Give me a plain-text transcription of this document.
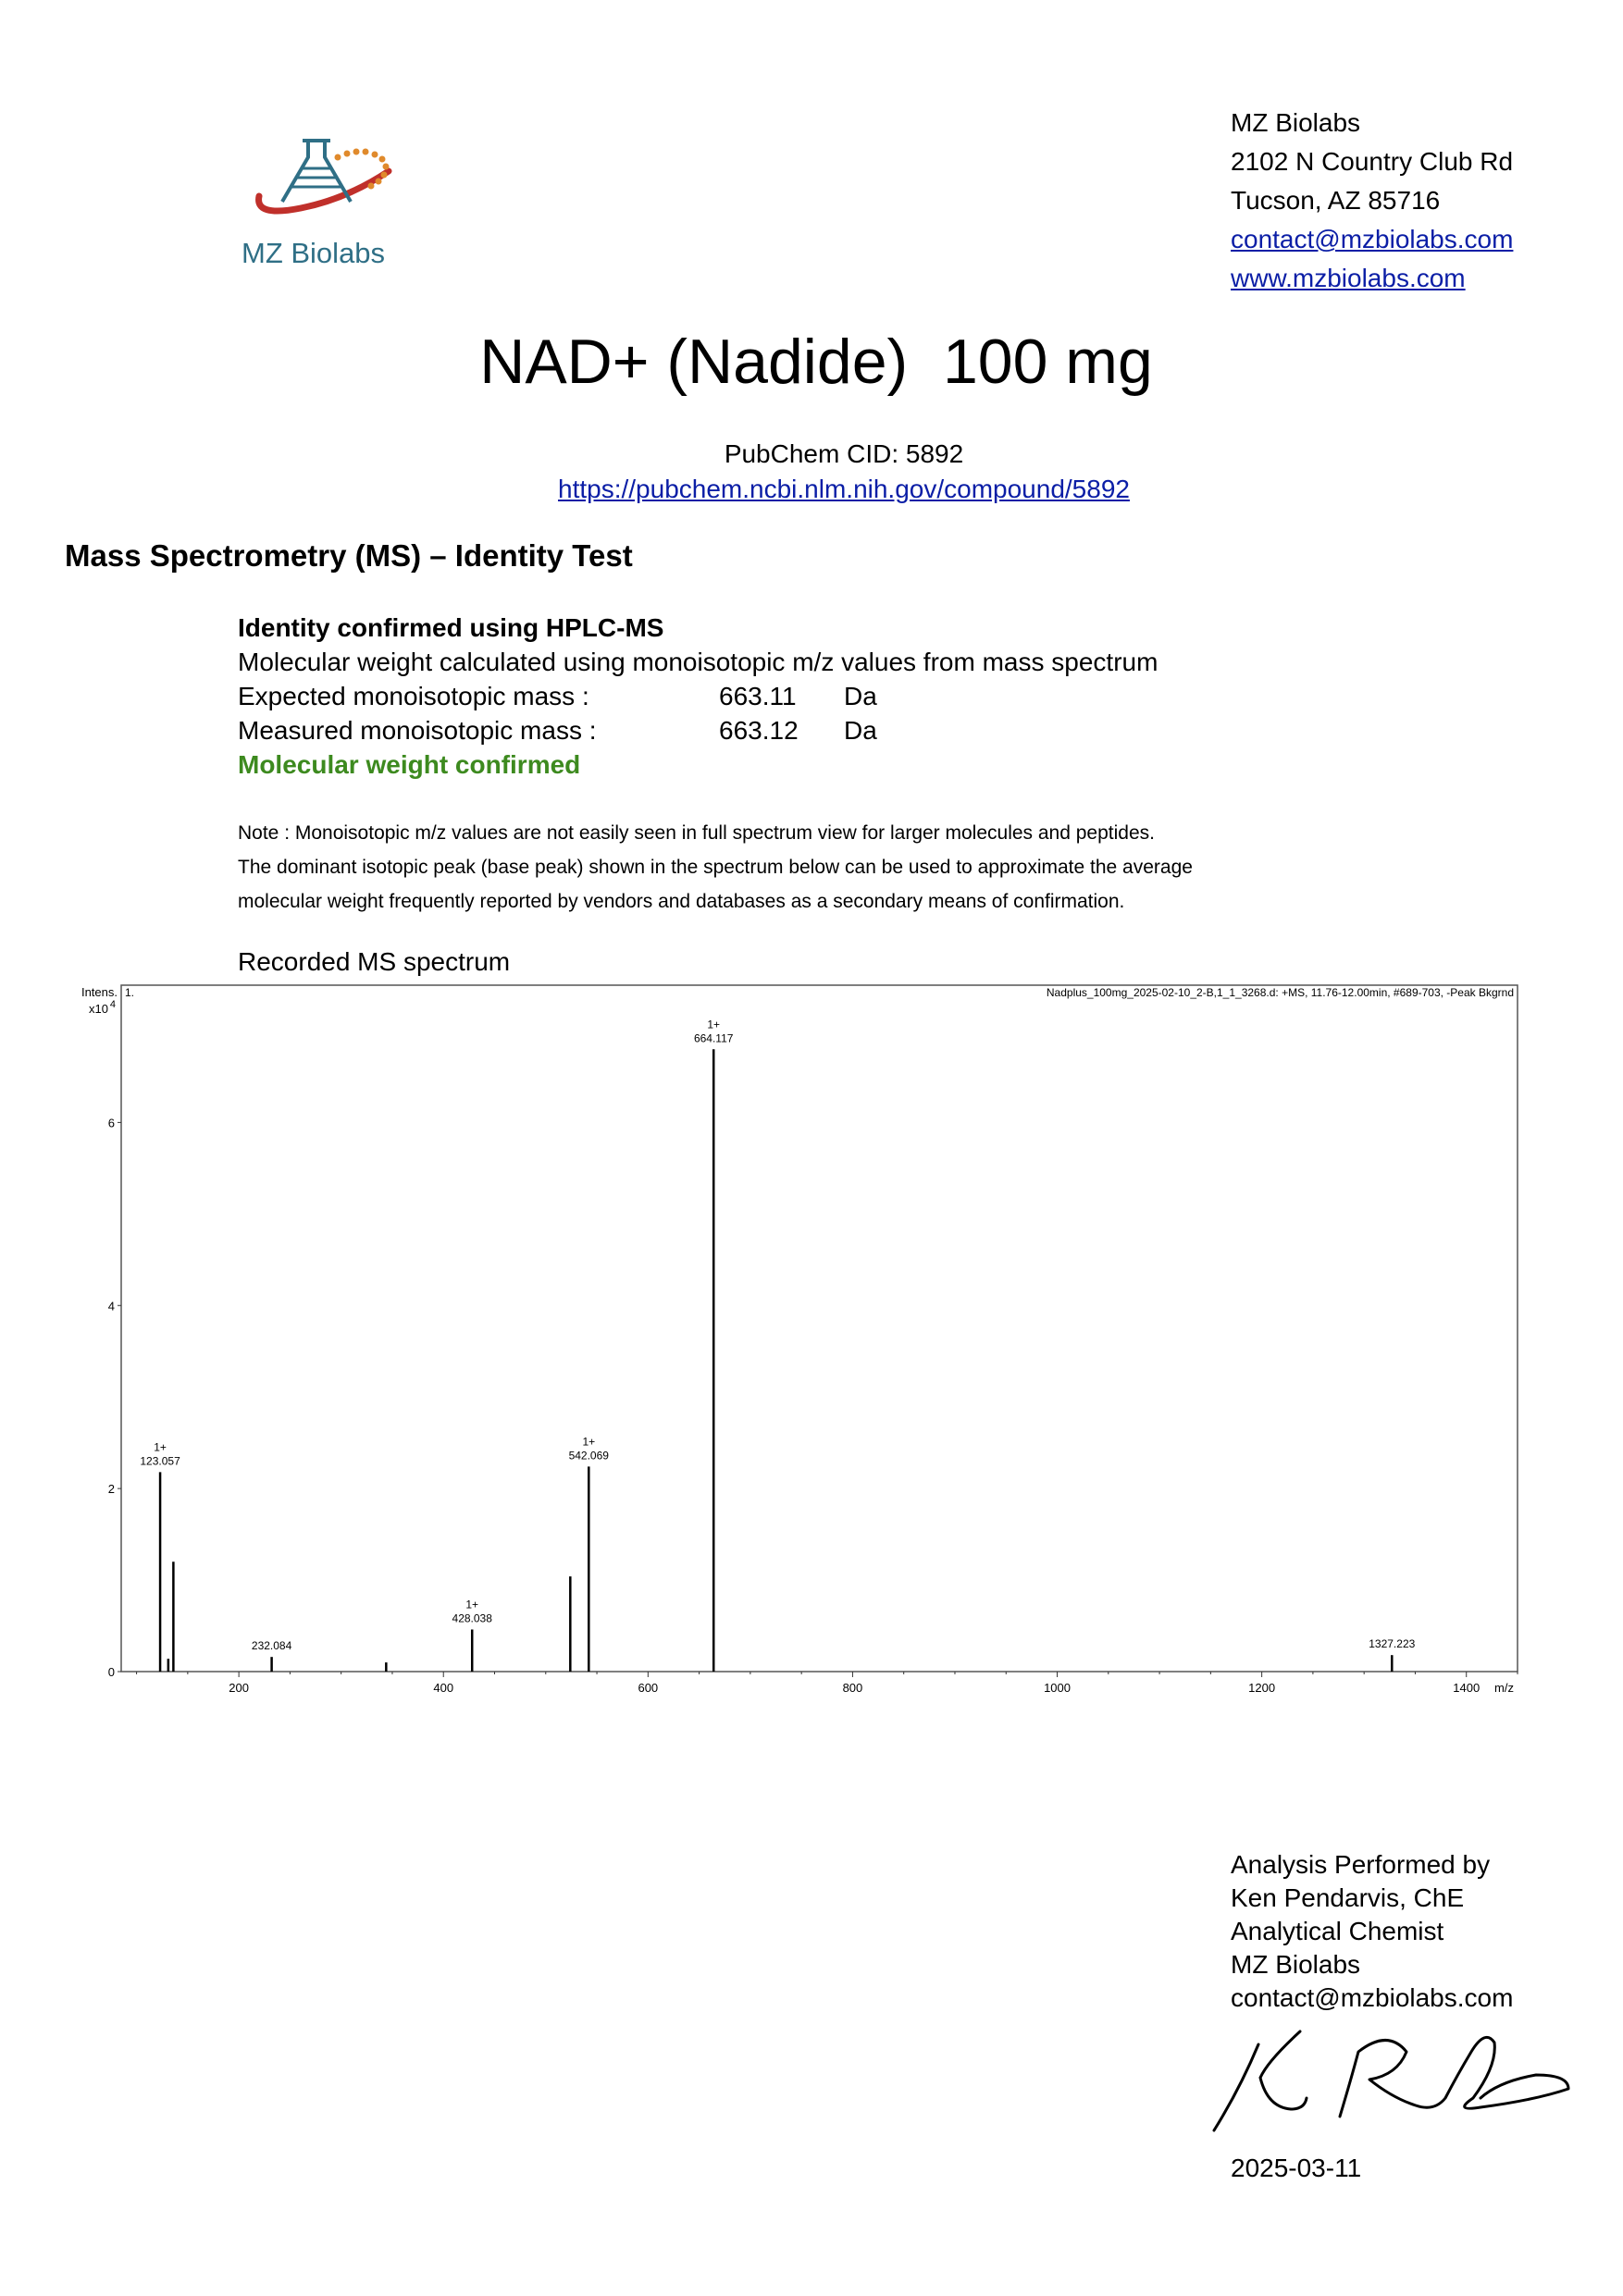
MZ Biolabs
MZ Biolabs
2102 N Country Club Rd
Tucson, AZ 85716
contact@mzbiolabs.com
www.mzbiolabs.com
NAD+ (Nadide)  100 mg
PubChem CID: 5892
https://pubchem.ncbi.nlm.nih.gov/compound/5892
Mass Spectrometry (MS) – Identity Test
Identity confirmed using HPLC-MS
Molecular weight calculated using monoisotopic m/z values from mass spectrum
Expected monoisotopic mass :	663.11 Da
Measured monoisotopic mass :	663.12 Da
Molecular weight confirmed
Note : Monoisotopic m/z values are not easily seen in full spectrum view for larger molecules and peptides.
The dominant isotopic peak (base peak) shown in the spectrum below can be used to approximate the average
molecular weight frequently reported by vendors and databases as a secondary means of confirmation.
Recorded MS spectrum
1.	Nadplus_100mg_2025-02-10_2-B,1_1_3268.d: +MS, 11.76-12.00min, #689-703, -Peak Bkgrnd
Intens.
x10 4
0
2
4
6
200	400	600	800	1000	1200	1400 m/z
123.057
1+
232.084
428.038
1+
542.069
1+
664.117
1+
1327.223
Analysis Performed by
Ken Pendarvis, ChE
Analytical Chemist
MZ Biolabs
contact@mzbiolabs.com
2025-03-11
